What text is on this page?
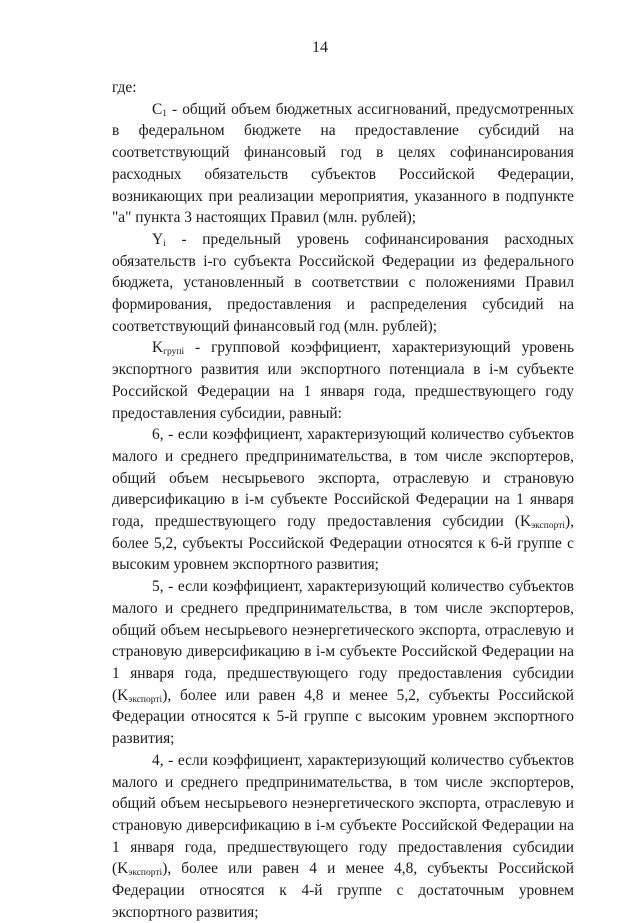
14

где:

$C_1$ - общий объем бюджетных ассигнований, предусмотренных в федеральном бюджете на предоставление субсидий на соответствующий финансовый год в целях софинансирования расходных обязательств субъектов Российской Федерации, возникающих при реализации мероприятия, указанного в подпункте "а" пункта 3 настоящих Правил (млн. рублей);

$Y_i$ - предельный уровень софинансирования расходных обязательств i-го субъекта Российской Федерации из федерального бюджета, установленный в соответствии с положениями Правил формирования, предоставления и распределения субсидий на соответствующий финансовый год (млн. рублей);

$K_{групi}$ - групповой коэффициент, характеризующий уровень экспортного развития или экспортного потенциала в i-м субъекте Российской Федерации на 1 января года, предшествующего году предоставления субсидии, равный:

6, - если коэффициент, характеризующий количество субъектов малого и среднего предпринимательства, в том числе экспортеров, общий объем несырьевого экспорта, отраслевую и страновую диверсификацию в i-м субъекте Российской Федерации на 1 января года, предшествующего году предоставления субсидии $(K_{экспортi})$, более 5,2, субъекты Российской Федерации относятся к 6-й группе с высоким уровнем экспортного развития;

5, - если коэффициент, характеризующий количество субъектов малого и среднего предпринимательства, в том числе экспортеров, общий объем несырьевого неэнергетического экспорта, отраслевую и страновую диверсификацию в i-м субъекте Российской Федерации на 1 января года, предшествующего году предоставления субсидии $(K_{экспортi})$, более или равен 4,8 и менее 5,2, субъекты Российской Федерации относятся к 5-й группе с высоким уровнем экспортного развития;

4, - если коэффициент, характеризующий количество субъектов малого и среднего предпринимательства, в том числе экспортеров, общий объем несырьевого неэнергетического экспорта, отраслевую и страновую диверсификацию в i-м субъекте Российской Федерации на 1 января года, предшествующего году предоставления субсидии $(K_{экспортi})$, более или равен 4 и менее 4,8, субъекты Российской Федерации относятся к 4-й группе с достаточным уровнем экспортного развития;
